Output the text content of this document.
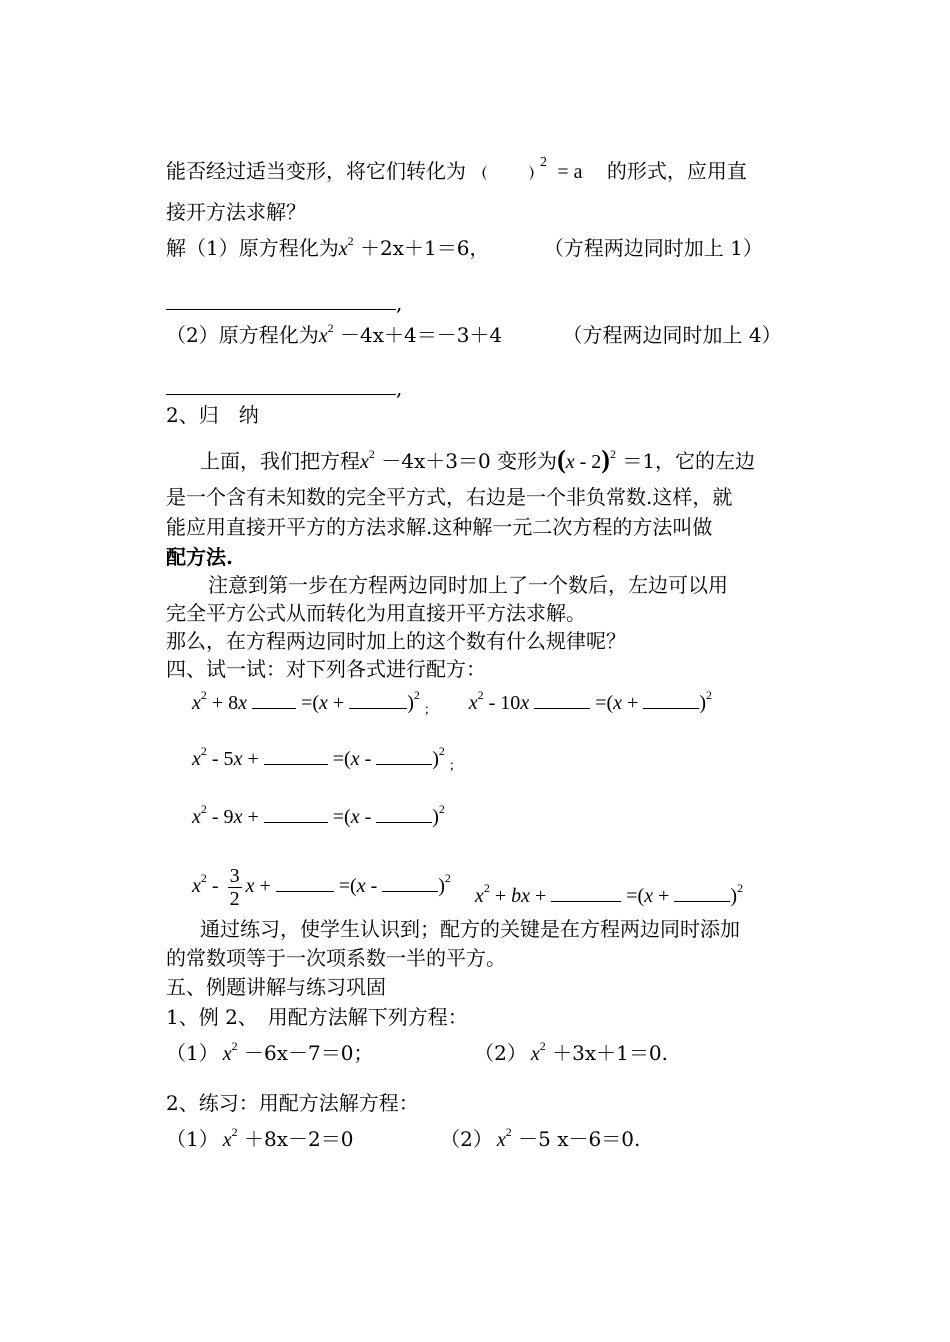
能否经过适当变形，将它们转化为	$^2$ = a 的形式，应用直
接开方法求解？
解（1）原方程化为$x^2 +2x+1=6$，	（方程两边同时加上 1）
,
（2）原方程化为$x^2 -4x+4=-3+4$	（方程两边同时加上 4）
,
2、归　纳
上面，我们把方程$x^2 -4x+3=0$ 变形为(x - 2)$^2$ ＝1，它的左边
是一个含有未知数的完全平方式，右边是一个非负常数.这样，就
能应用直接开平方的方法求解.这种解一元二次方程的方法叫做
配方法.
注意到第一步在方程两边同时加上了一个数后，左边可以用
完全平方公式从而转化为用直接开平方法求解。
那么，在方程两边同时加上的这个数有什么规律呢？
四、试一试：对下列各式进行配方：
$x^2 + 8x =(x$ +	)$^2$ $_;$ $x^2 - 10x$	=(x +	)$^2$
$x^2 - 5x$ +	=(x -	)$^2$ $_;$
$x^2 - 9x$ +	=(x -	)$^2$
$x^2 - \frac{3}{2}$ x +	=(x -	)$^2$  $x^2$ + bx +	=(x +	)$^2$
通过练习，使学生认识到；配方的关键是在方程两边同时添加
的常数项等于一次项系数一半的平方。
五、例题讲解与练习巩固
1、例 2、　用配方法解下列方程：
（1） $x^2 -6x-7=0$；	（2） $x^2 +3x+1=0$.
2、练习：用配方法解方程：
（1） $x^2 +8x-2=0$	（2） $x^2 -5$ x－6＝0.
